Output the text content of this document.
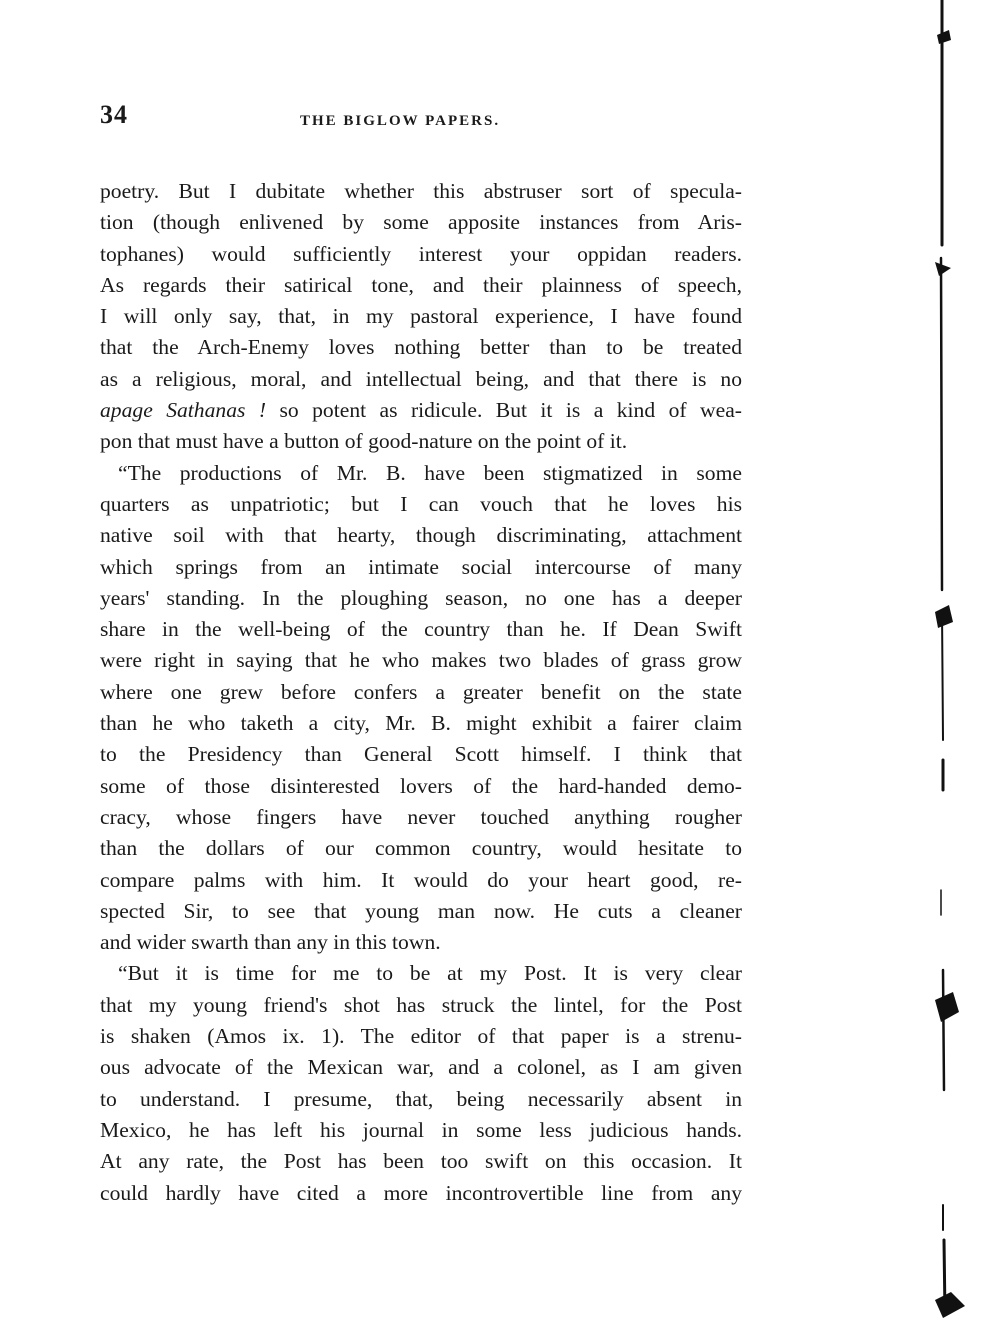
34	THE BIGLOW PAPERS.
poetry. But I dubitate whether this abstruser sort of specula-
tion (though enlivened by some apposite instances from Aris-
tophanes) would sufficiently interest your oppidan readers.
As regards their satirical tone, and their plainness of speech,
I will only say, that, in my pastoral experience, I have found
that the Arch-Enemy loves nothing better than to be treated
as a religious, moral, and intellectual being, and that there is no
apage Sathanas ! so potent as ridicule. But it is a kind of wea-
pon that must have a button of good-nature on the point of it.
“The productions of Mr. B. have been stigmatized in some
quarters as unpatriotic; but I can vouch that he loves his
native soil with that hearty, though discriminating, attachment
which springs from an intimate social intercourse of many
years' standing. In the ploughing season, no one has a deeper
share in the well-being of the country than he. If Dean Swift
were right in saying that he who makes two blades of grass grow
where one grew before confers a greater benefit on the state
than he who taketh a city, Mr. B. might exhibit a fairer claim
to the Presidency than General Scott himself. I think that
some of those disinterested lovers of the hard-handed demo-
cracy, whose fingers have never touched anything rougher
than the dollars of our common country, would hesitate to
compare palms with him. It would do your heart good, re-
spected Sir, to see that young man now. He cuts a cleaner
and wider swarth than any in this town.
“But it is time for me to be at my Post. It is very clear
that my young friend's shot has struck the lintel, for the Post
is shaken (Amos ix. 1). The editor of that paper is a strenu-
ous advocate of the Mexican war, and a colonel, as I am given
to understand. I presume, that, being necessarily absent in
Mexico, he has left his journal in some less judicious hands.
At any rate, the Post has been too swift on this occasion. It
could hardly have cited a more incontrovertible line from any
